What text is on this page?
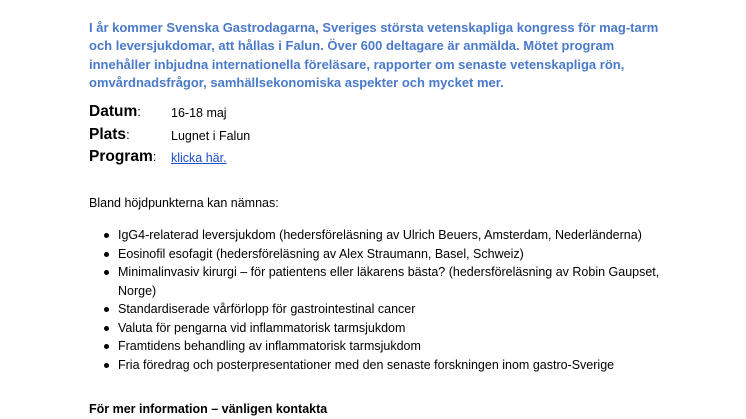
I år kommer Svenska Gastrodagarna, Sveriges största vetenskapliga kongress för mag-tarm och leversjukdomar, att hållas i Falun. Över 600 deltagare är anmälda. Mötet program innehåller inbjudna internationella föreläsare, rapporter om senaste vetenskapliga rön, omvårdnadsfrågor, samhällsekonomiska aspekter och mycket mer.

Datum: 16-18 maj
Plats:	Lugnet i Falun
Program: klicka här.

Bland höjdpunkterna kan nämnas:

IgG4-relaterad leversjukdom (hedersföreläsning av Ulrich Beuers, Amsterdam, Nederländerna)
Eosinofil esofagit (hedersföreläsning av Alex Straumann, Basel, Schweiz)
Minimalinvasiv kirurgi – för patientens eller läkarens bästa? (hedersföreläsning av Robin Gaupset, Norge)
Standardiserade vårförlopp för gastrointestinal cancer
Valuta för pengarna vid inflammatorisk tarmsjukdom
Framtidens behandling av inflammatorisk tarmsjukdom
Fria föredrag och posterpresentationer med den senaste forskningen inom gastro-Sverige

För mer information – vänligen kontakta
